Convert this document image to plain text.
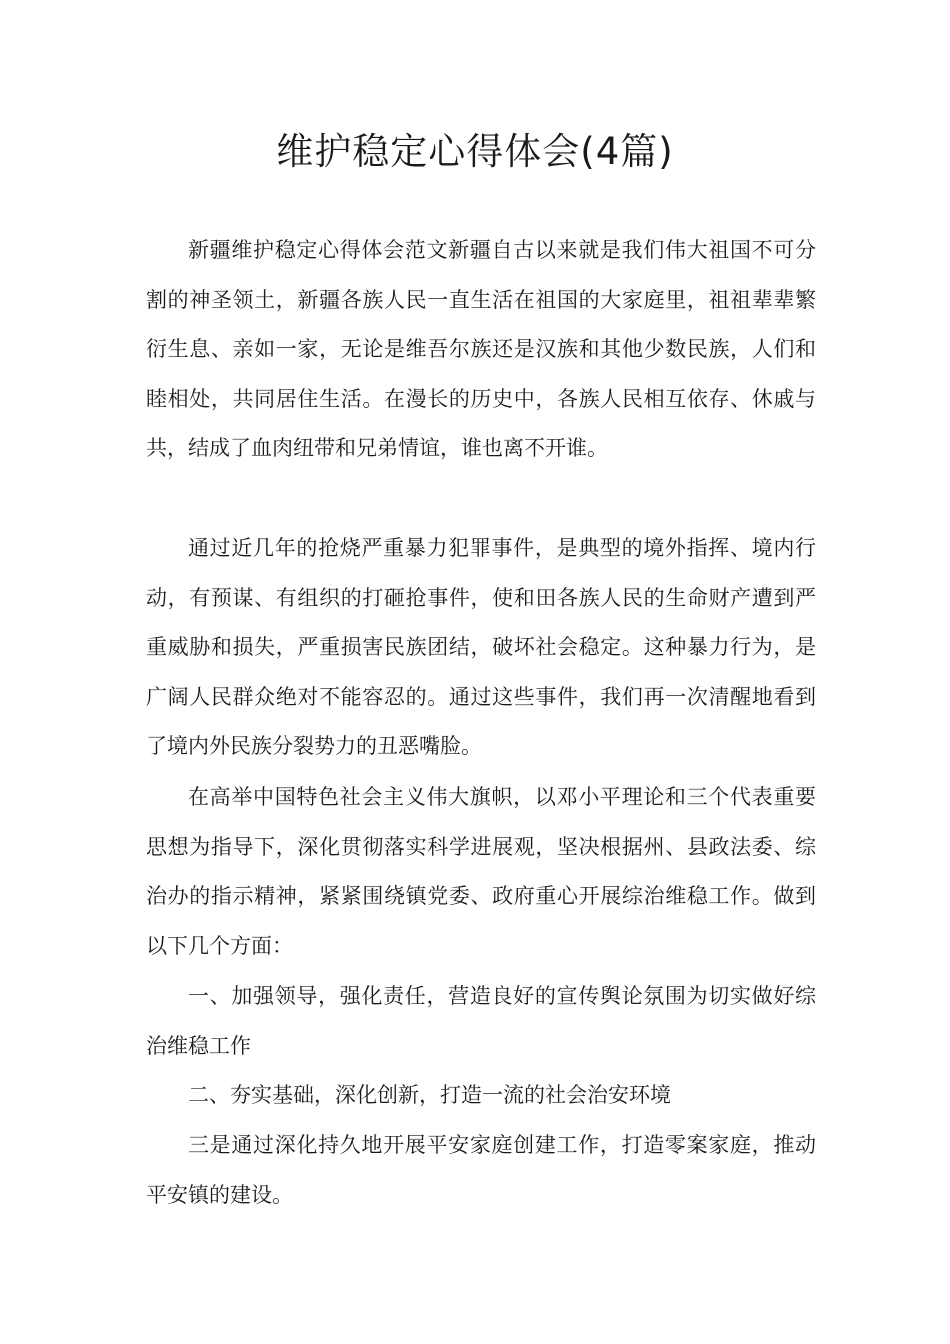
维护稳定心得体会(4篇)

新疆维护稳定心得体会范文新疆自古以来就是我们伟大祖国不可分割的神圣领土，新疆各族人民一直生活在祖国的大家庭里，祖祖辈辈繁衍生息、亲如一家，无论是维吾尔族还是汉族和其他少数民族，人们和睦相处，共同居住生活。在漫长的历史中，各族人民相互依存、休戚与共，结成了血肉纽带和兄弟情谊，谁也离不开谁。

通过近几年的抢烧严重暴力犯罪事件，是典型的境外指挥、境内行动，有预谋、有组织的打砸抢事件，使和田各族人民的生命财产遭到严重威胁和损失，严重损害民族团结，破坏社会稳定。这种暴力行为，是广阔人民群众绝对不能容忍的。通过这些事件，我们再一次清醒地看到了境内外民族分裂势力的丑恶嘴脸。

在高举中国特色社会主义伟大旗帜，以邓小平理论和三个代表重要思想为指导下，深化贯彻落实科学进展观，坚决根据州、县政法委、综治办的指示精神，紧紧围绕镇党委、政府重心开展综治维稳工作。做到以下几个方面：

一、加强领导，强化责任，营造良好的宣传舆论氛围为切实做好综治维稳工作

二、夯实基础，深化创新，打造一流的社会治安环境

三是通过深化持久地开展平安家庭创建工作，打造零案家庭，推动平安镇的建设。
